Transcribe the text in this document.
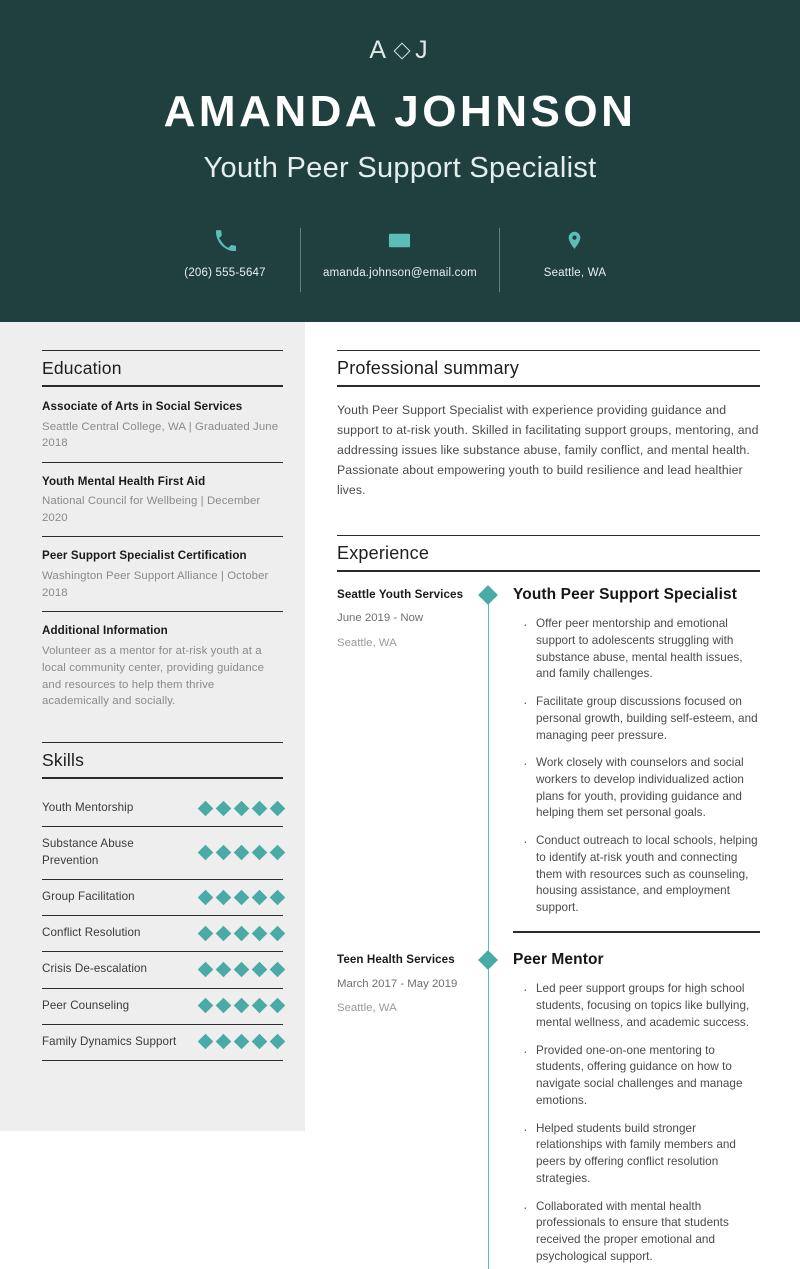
A J
AMANDA JOHNSON
Youth Peer Support Specialist
(206) 555-5647	amanda.johnson@email.com	Seattle, WA
Education
Associate of Arts in Social Services
Seattle Central College, WA | Graduated June 2018
Youth Mental Health First Aid
National Council for Wellbeing | December 2020
Peer Support Specialist Certification
Washington Peer Support Alliance | October 2018
Additional Information
Volunteer as a mentor for at-risk youth at a local community center, providing guidance and resources to help them thrive academically and socially.
Skills
Youth Mentorship
Substance Abuse Prevention
Group Facilitation
Conflict Resolution
Crisis De-escalation
Peer Counseling
Family Dynamics Support
Professional summary
Youth Peer Support Specialist with experience providing guidance and support to at-risk youth. Skilled in facilitating support groups, mentoring, and addressing issues like substance abuse, family conflict, and mental health. Passionate about empowering youth to build resilience and lead healthier lives.
Experience
Seattle Youth Services
June 2019 - Now
Seattle, WA
Youth Peer Support Specialist
· Offer peer mentorship and emotional support to adolescents struggling with substance abuse, mental health issues, and family challenges.
· Facilitate group discussions focused on personal growth, building self-esteem, and managing peer pressure.
· Work closely with counselors and social workers to develop individualized action plans for youth, providing guidance and helping them set personal goals.
· Conduct outreach to local schools, helping to identify at-risk youth and connecting them with resources such as counseling, housing assistance, and employment support.
Teen Health Services
March 2017 - May 2019
Seattle, WA
Peer Mentor
· Led peer support groups for high school students, focusing on topics like bullying, mental wellness, and academic success.
· Provided one-on-one mentoring to students, offering guidance on how to navigate social challenges and manage emotions.
· Helped students build stronger relationships with family members and peers by offering conflict resolution strategies.
· Collaborated with mental health professionals to ensure that students received the proper emotional and psychological support.
